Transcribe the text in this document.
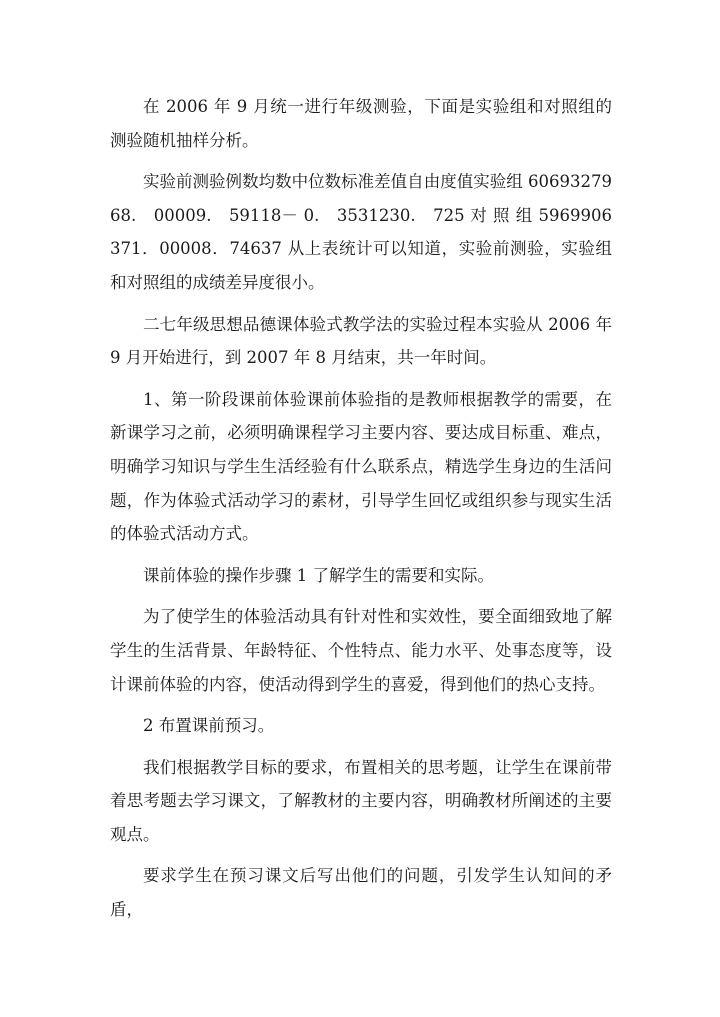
在 2006 年 9 月统一进行年级测验，下面是实验组和对照组的测验随机抽样分析。

实验前测验例数均数中位数标准差值自由度值实验组 6069327968.　00009.　59118－ 0.　3531230.　725 对 照 组 5969906371．00008．74637 从上表统计可以知道，实验前测验，实验组和对照组的成绩差异度很小。

二七年级思想品德课体验式教学法的实验过程本实验从 2006 年 9 月开始进行，到 2007 年 8 月结束，共一年时间。

1、第一阶段课前体验课前体验指的是教师根据教学的需要，在新课学习之前，必须明确课程学习主要内容、要达成目标重、难点，明确学习知识与学生生活经验有什么联系点，精选学生身边的生活问题，作为体验式活动学习的素材，引导学生回忆或组织参与现实生活的体验式活动方式。

课前体验的操作步骤 1 了解学生的需要和实际。

为了使学生的体验活动具有针对性和实效性，要全面细致地了解学生的生活背景、年龄特征、个性特点、能力水平、处事态度等，设计课前体验的内容，使活动得到学生的喜爱，得到他们的热心支持。

2 布置课前预习。

我们根据教学目标的要求，布置相关的思考题，让学生在课前带着思考题去学习课文，了解教材的主要内容，明确教材所阐述的主要观点。

要求学生在预习课文后写出他们的问题，引发学生认知间的矛盾，
